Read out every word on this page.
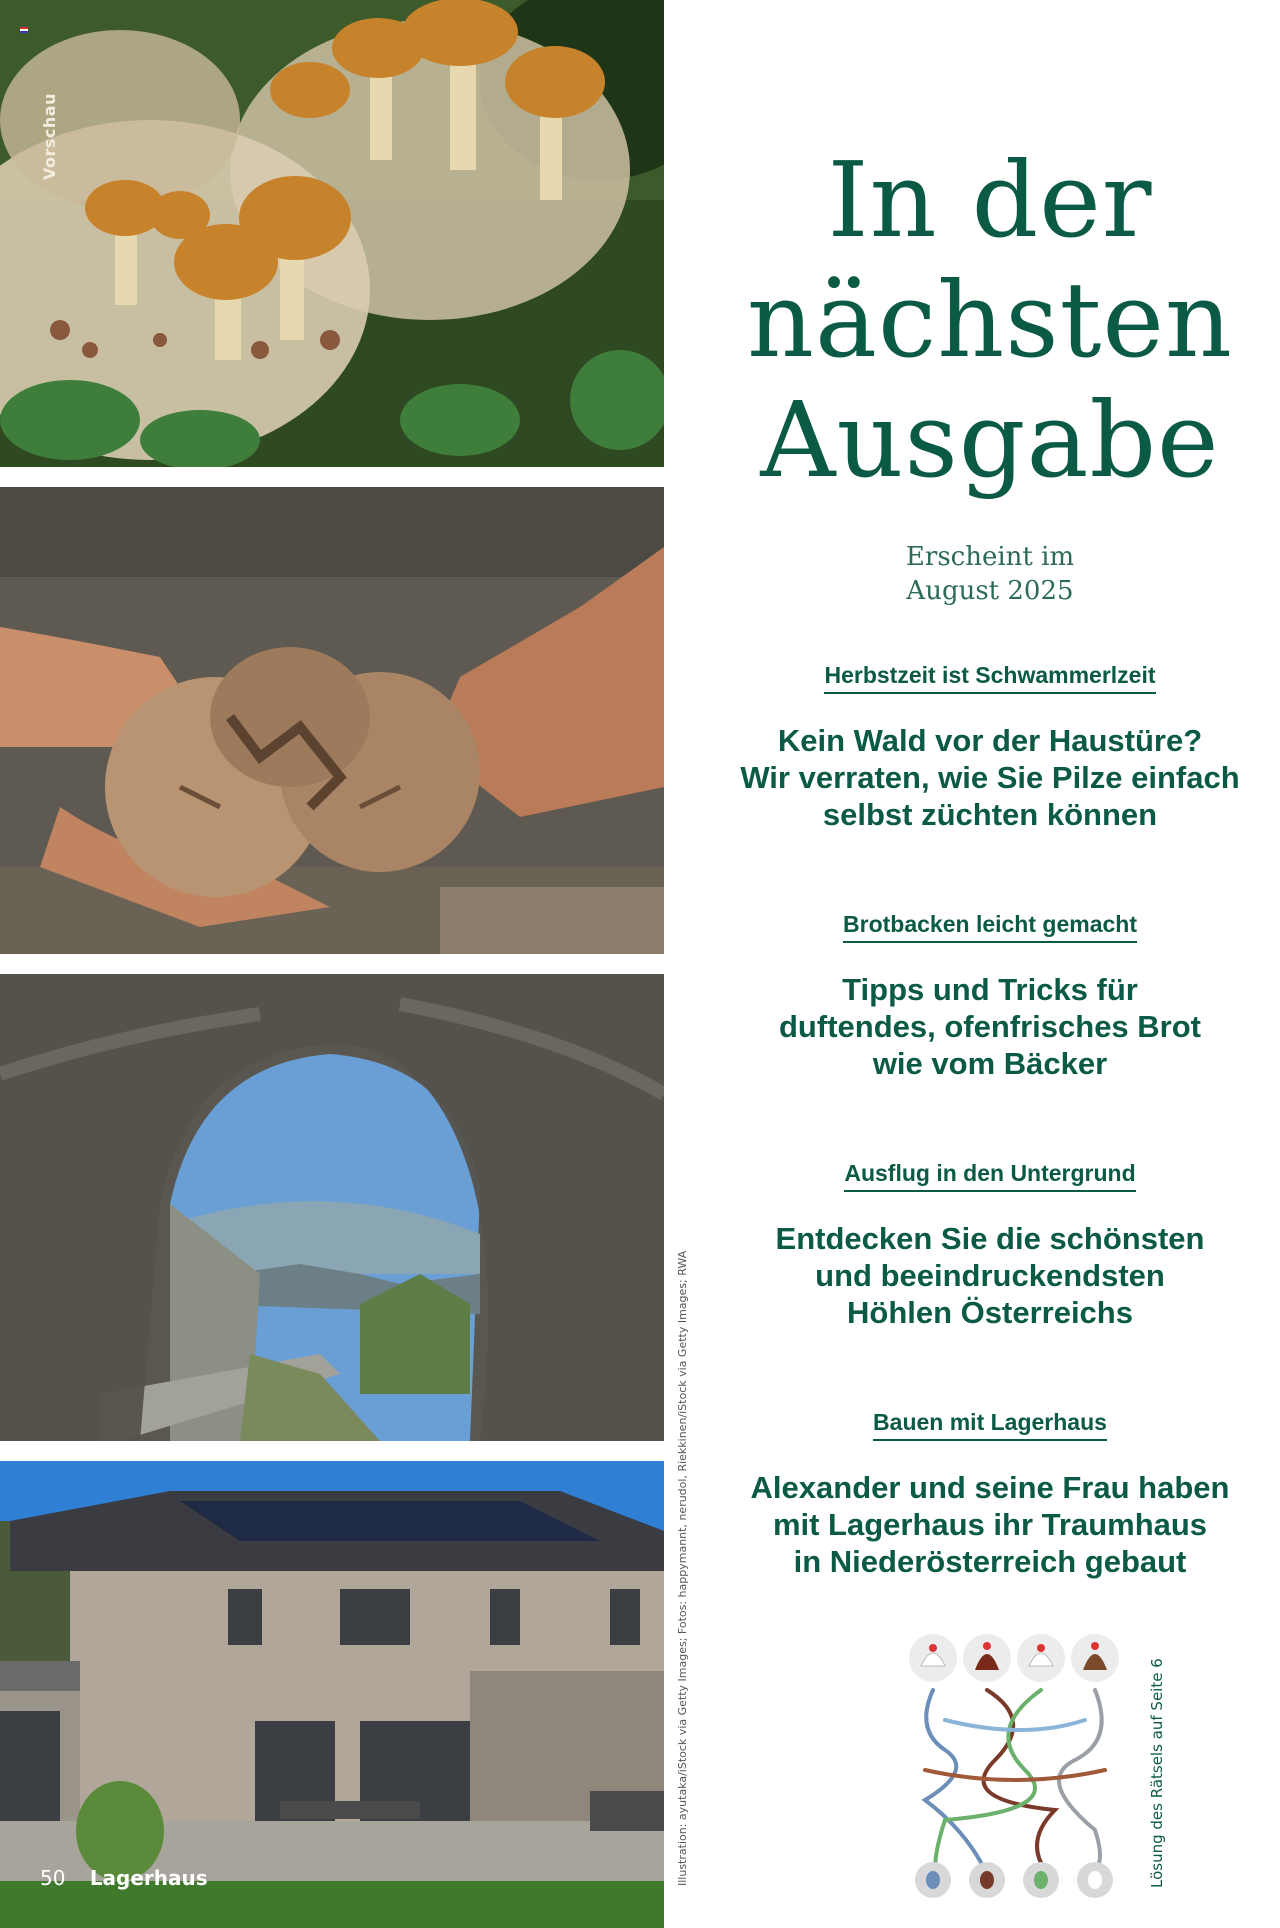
Vorschau
50 Lagerhaus	Illustration: ayutaka/iStock via Getty Images; Fotos: happymannt, nerudol, Riekkinen/iStock via Getty Images; RWA
In der
nächsten
Ausgabe
Erscheint im
August 2025
Herbstzeit ist Schwammerlzeit
Kein Wald vor der Haustüre?
Wir verraten, wie Sie Pilze einfach
selbst züchten können
Brotbacken leicht gemacht
Tipps und Tricks für
duftendes, ofenfrisches Brot
wie vom Bäcker
Ausflug in den Untergrund
Entdecken Sie die schönsten
und beeindruckendsten
Höhlen Österreichs
Bauen mit Lagerhaus
Alexander und seine Frau haben
mit Lagerhaus ihr Traumhaus
in Niederösterreich gebaut
Lösung des Rätsels auf Seite 6
